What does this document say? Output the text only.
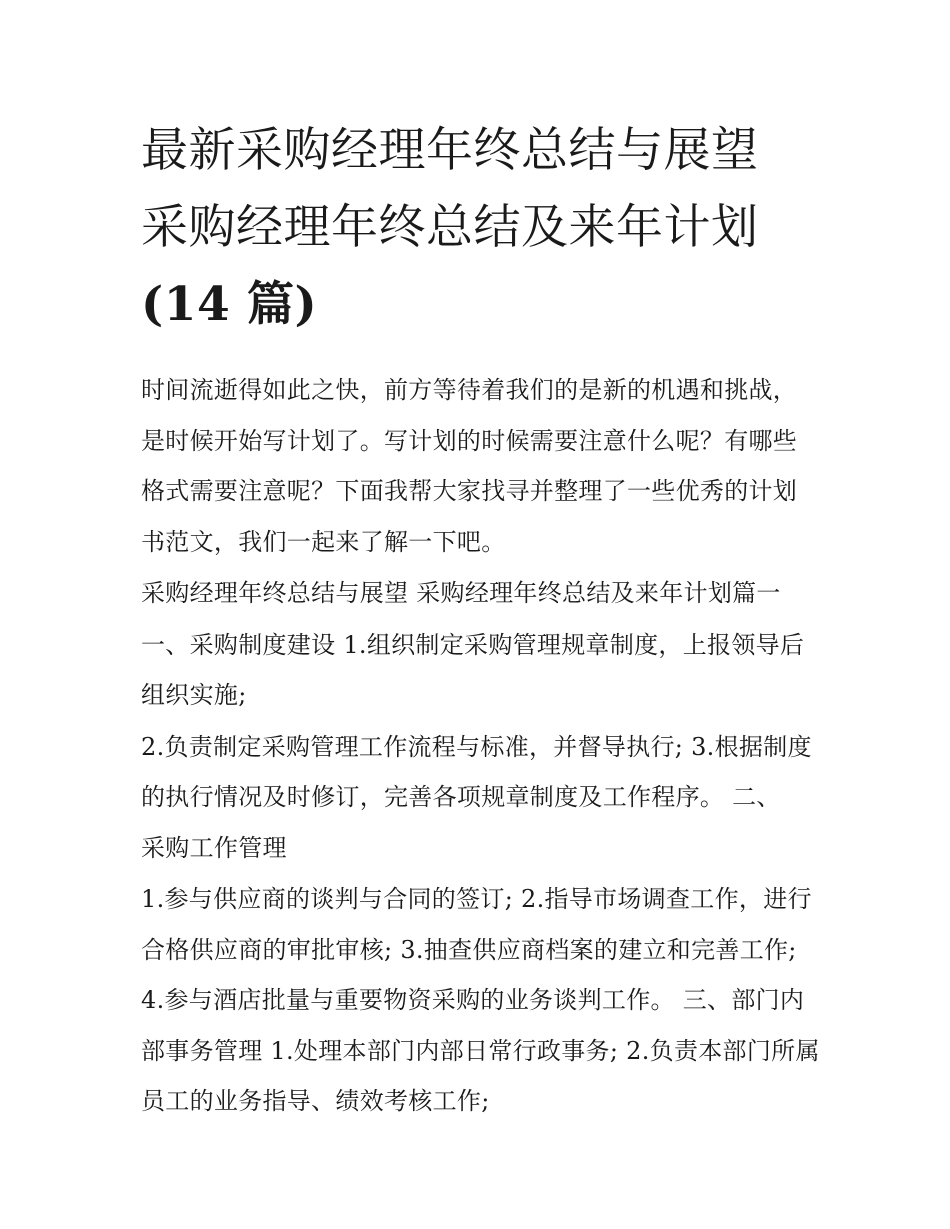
最新采购经理年终总结与展望
采购经理年终总结及来年计划
(14 篇)

时间流逝得如此之快，前方等待着我们的是新的机遇和挑战，
是时候开始写计划了。写计划的时候需要注意什么呢？有哪些
格式需要注意呢？下面我帮大家找寻并整理了一些优秀的计划
书范文，我们一起来了解一下吧。

采购经理年终总结与展望 采购经理年终总结及来年计划篇一

一、采购制度建设 1.组织制定采购管理规章制度，上报领导后
组织实施;

2.负责制定采购管理工作流程与标准，并督导执行; 3.根据制度
的执行情况及时修订，完善各项规章制度及工作程序。 二、
采购工作管理

1.参与供应商的谈判与合同的签订; 2.指导市场调查工作，进行
合格供应商的审批审核; 3.抽查供应商档案的建立和完善工作;
4.参与酒店批量与重要物资采购的业务谈判工作。 三、部门内
部事务管理 1.处理本部门内部日常行政事务; 2.负责本部门所属
员工的业务指导、绩效考核工作;
